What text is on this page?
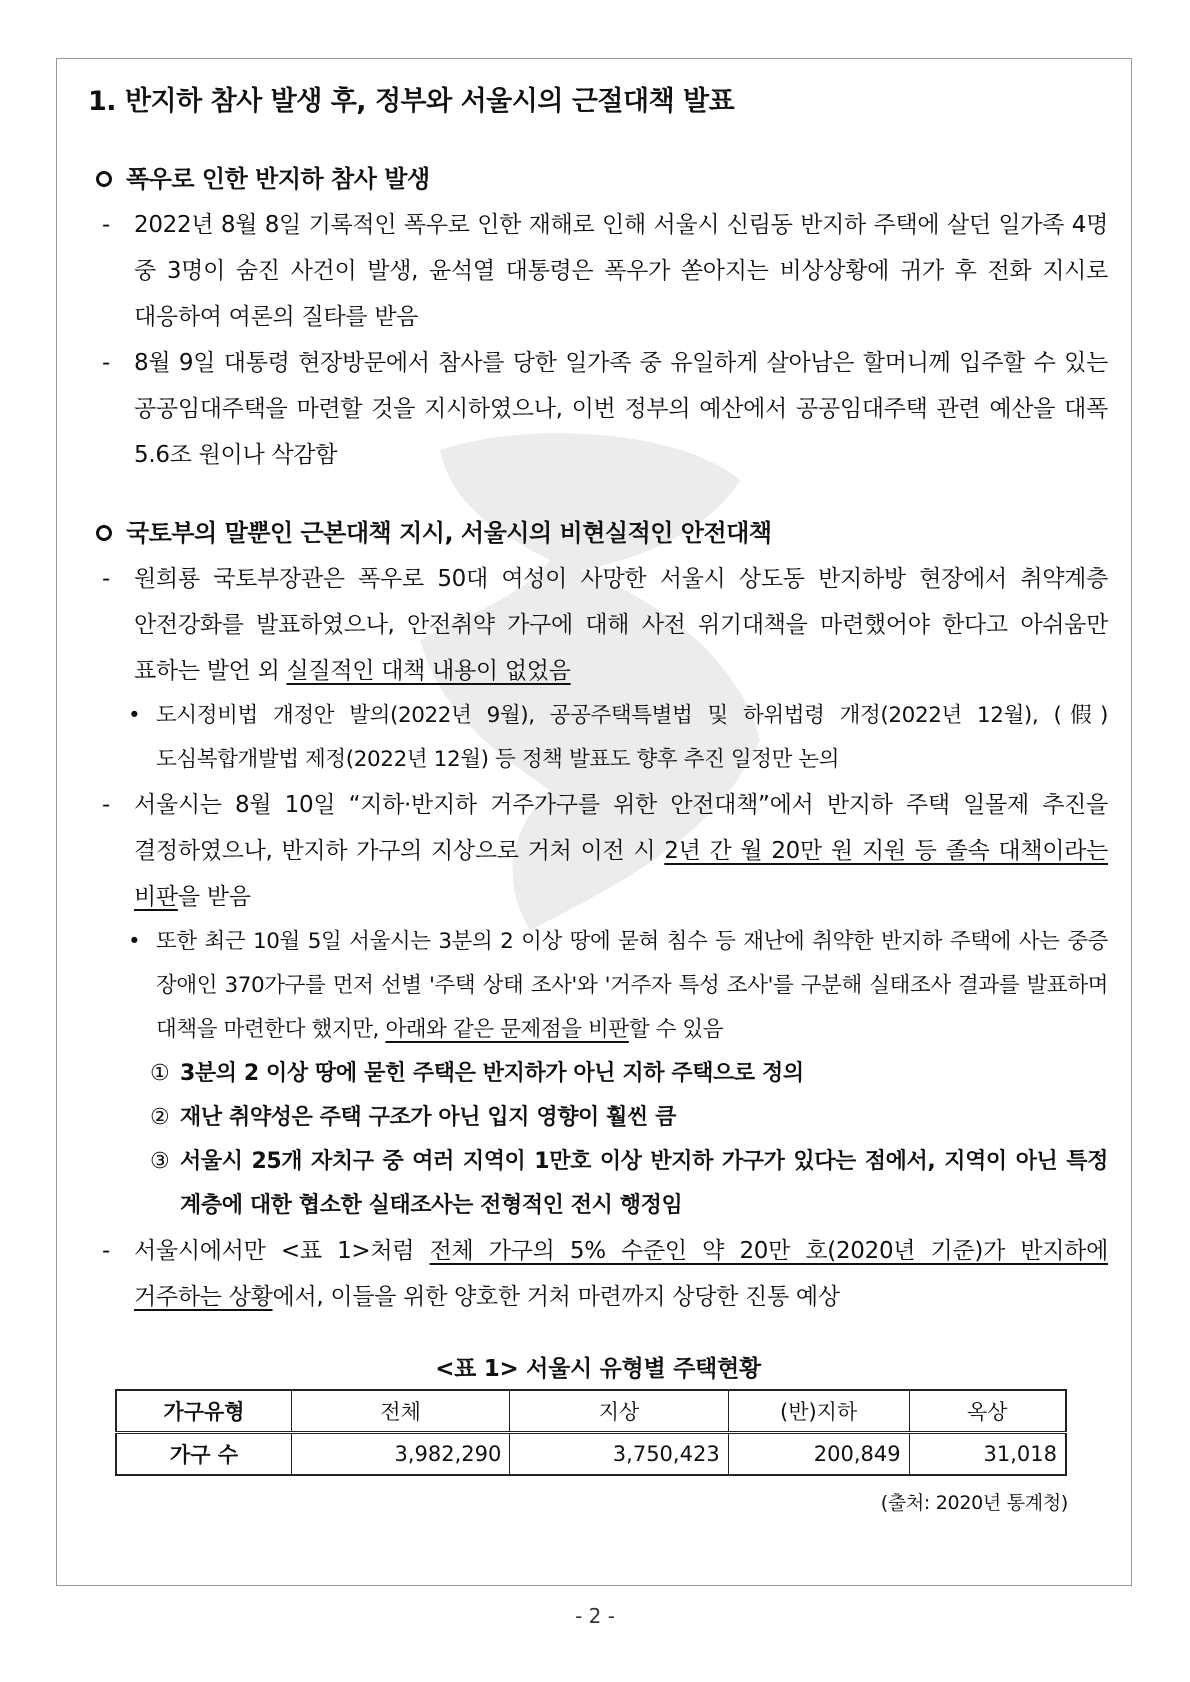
1. 반지하 참사 발생 후, 정부와 서울시의 근절대책 발표
폭우로 인한 반지하 참사 발생
- 2022년 8월 8일 기록적인 폭우로 인한 재해로 인해 서울시 신림동 반지하 주택에 살던 일가족 4명 중 3명이 숨진 사건이 발생, 윤석열 대통령은 폭우가 쏟아지는 비상상황에 귀가 후 전화 지시로 대응하여 여론의 질타를 받음
- 8월 9일 대통령 현장방문에서 참사를 당한 일가족 중 유일하게 살아남은 할머니께 입주할 수 있는 공공임대주택을 마련할 것을 지시하였으나, 이번 정부의 예산에서 공공임대주택 관련 예산을 대폭 5.6조 원이나 삭감함
국토부의 말뿐인 근본대책 지시, 서울시의 비현실적인 안전대책
- 원희룡 국토부장관은 폭우로 50대 여성이 사망한 서울시 상도동 반지하방 현장에서 취약계층 안전강화를 발표하였으나, 안전취약 가구에 대해 사전 위기대책을 마련했어야 한다고 아쉬움만 표하는 발언 외 실질적인 대책 내용이 없었음
• 도시정비법 개정안 발의(2022년 9월), 공공주택특별법 및 하위법령 개정(2022년 12월), (假)도심복합개발법 제정(2022년 12월) 등 정책 발표도 향후 추진 일정만 논의
- 서울시는 8월 10일 “지하·반지하 거주가구를 위한 안전대책”에서 반지하 주택 일몰제 추진을 결정하였으나, 반지하 가구의 지상으로 거처 이전 시 2년 간 월 20만 원 지원 등 졸속 대책이라는 비판을 받음
• 또한 최근 10월 5일 서울시는 3분의 2 이상 땅에 묻혀 침수 등 재난에 취약한 반지하 주택에 사는 중증 장애인 370가구를 먼저 선별 '주택 상태 조사'와 '거주자 특성 조사'를 구분해 실태조사 결과를 발표하며 대책을 마련한다 했지만, 아래와 같은 문제점을 비판할 수 있음
① 3분의 2 이상 땅에 묻힌 주택은 반지하가 아닌 지하 주택으로 정의
② 재난 취약성은 주택 구조가 아닌 입지 영향이 훨씬 큼
③ 서울시 25개 자치구 중 여러 지역이 1만호 이상 반지하 가구가 있다는 점에서, 지역이 아닌 특정 계층에 대한 협소한 실태조사는 전형적인 전시 행정임
- 서울시에서만 <표 1>처럼 전체 가구의 5% 수준인 약 20만 호(2020년 기준)가 반지하에 거주하는 상황에서, 이들을 위한 양호한 거처 마련까지 상당한 진통 예상
<표 1> 서울시 유형별 주택현황
가구유형	전체	지상	(반)지하	옥상
가구 수	3,982,290	3,750,423	200,849	31,018
(출처: 2020년 통계청)
- 2 -
